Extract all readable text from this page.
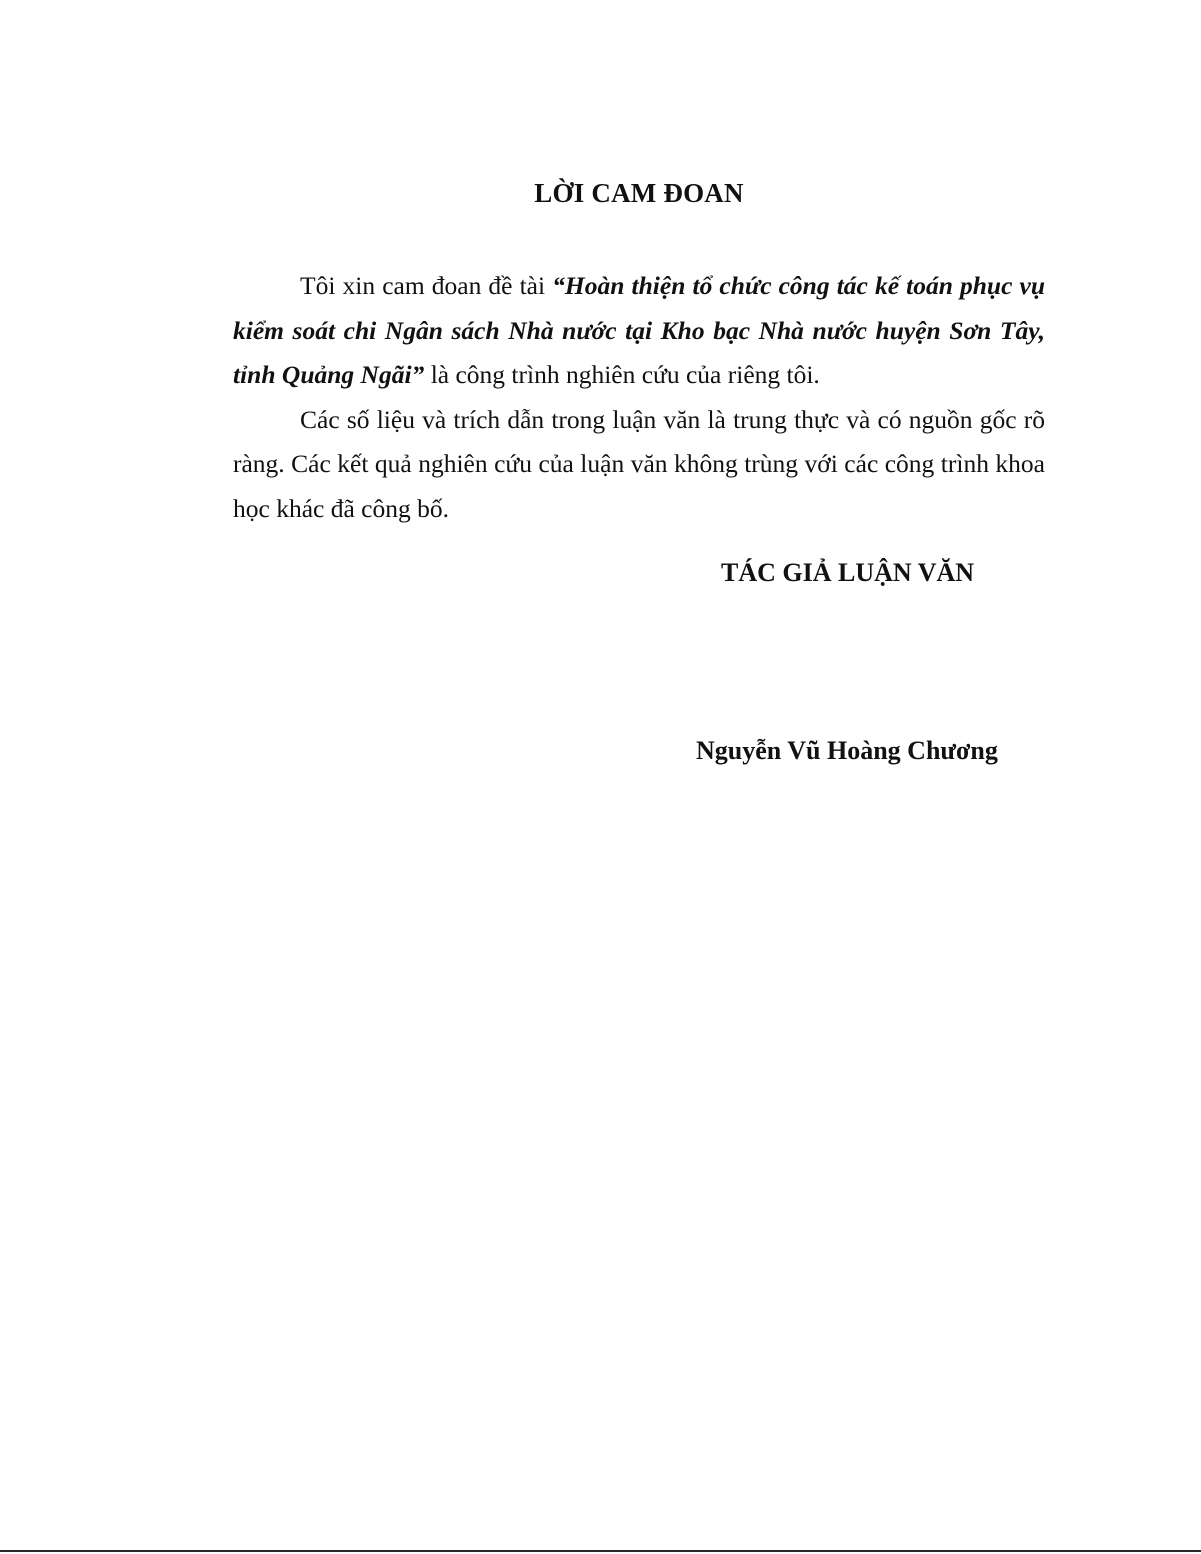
LỜI CAM ĐOAN

Tôi xin cam đoan đề tài “Hoàn thiện tổ chức công tác kế toán phục vụ kiểm soát chi Ngân sách Nhà nước tại Kho bạc Nhà nước huyện Sơn Tây, tỉnh Quảng Ngãi” là công trình nghiên cứu của riêng tôi.

Các số liệu và trích dẫn trong luận văn là trung thực và có nguồn gốc rõ ràng. Các kết quả nghiên cứu của luận văn không trùng với các công trình khoa học khác đã công bố.

TÁC GIẢ LUẬN VĂN
Nguyễn Vũ Hoàng Chương
